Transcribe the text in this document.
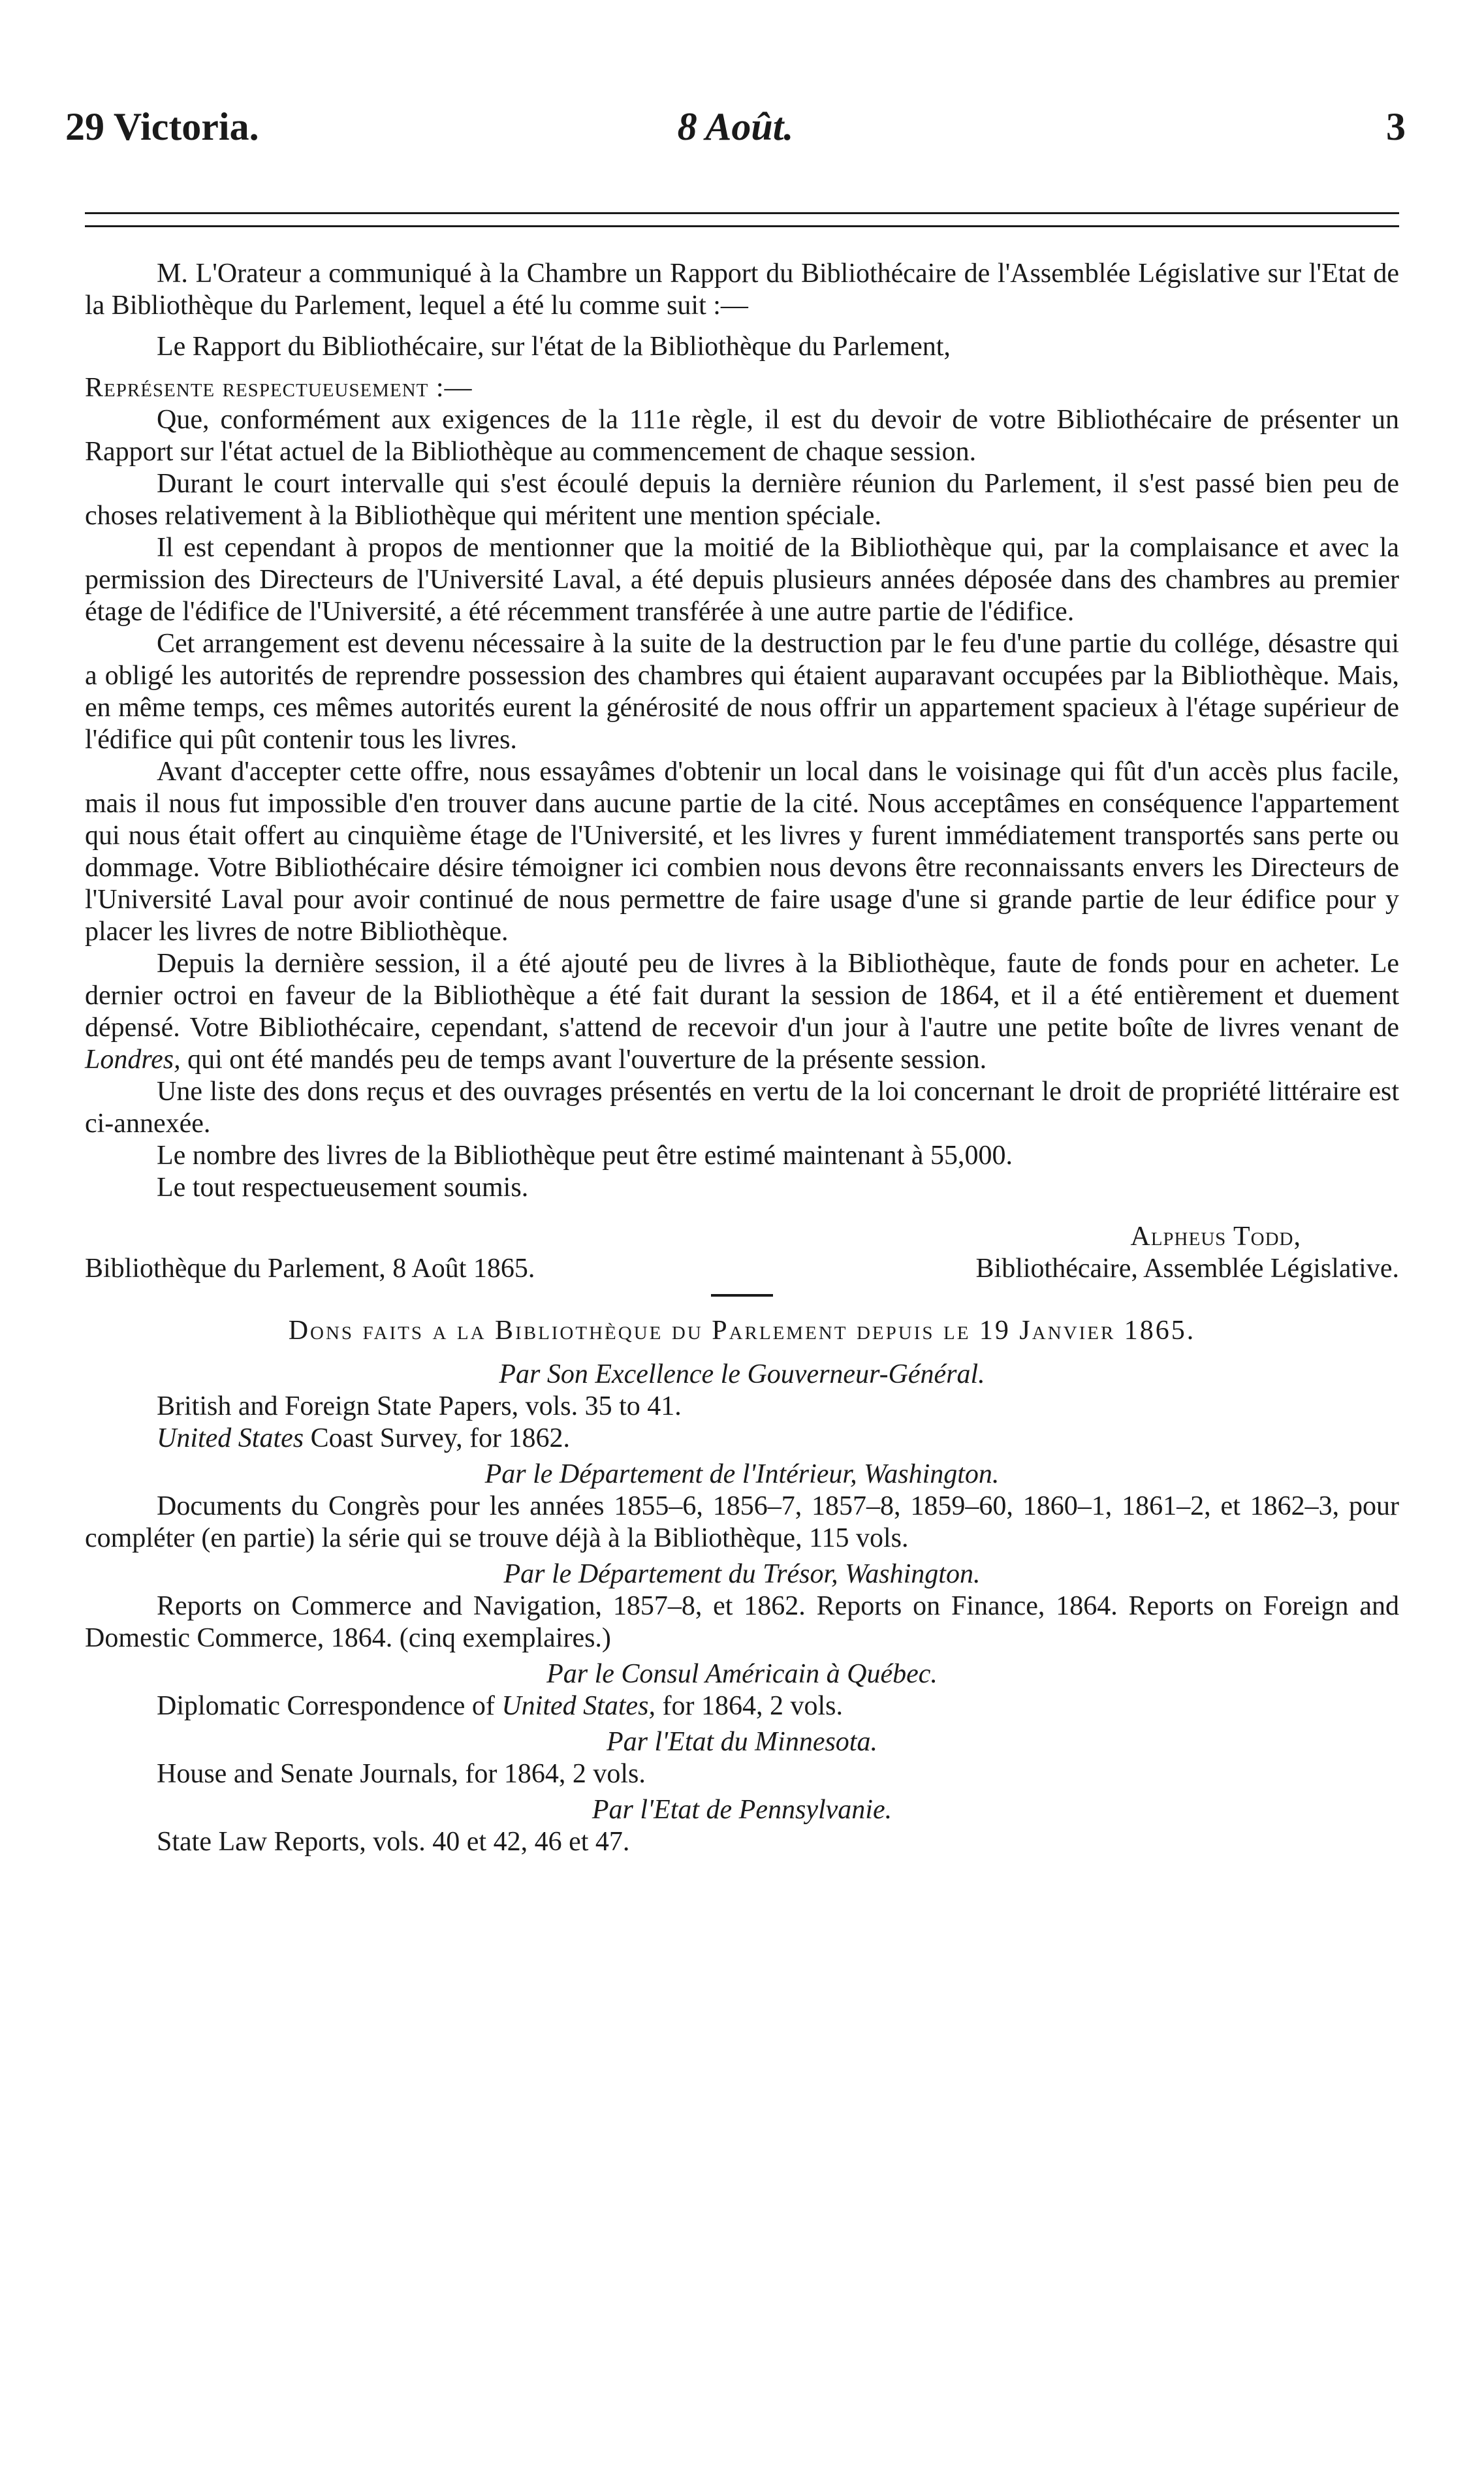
29 Victoria.	8 Août.	3

M. L'Orateur a communiqué à la Chambre un Rapport du Bibliothécaire de l'Assemblée Législative sur l'Etat de la Bibliothèque du Parlement, lequel a été lu comme suit :—

Le Rapport du Bibliothécaire, sur l'état de la Bibliothèque du Parlement,

Représente respectueusement :—

Que, conformément aux exigences de la 111e règle, il est du devoir de votre Bibliothécaire de présenter un Rapport sur l'état actuel de la Bibliothèque au commencement de chaque session.

Durant le court intervalle qui s'est écoulé depuis la dernière réunion du Parlement, il s'est passé bien peu de choses relativement à la Bibliothèque qui méritent une mention spéciale.

Il est cependant à propos de mentionner que la moitié de la Bibliothèque qui, par la complaisance et avec la permission des Directeurs de l'Université Laval, a été depuis plusieurs années déposée dans des chambres au premier étage de l'édifice de l'Université, a été récemment transférée à une autre partie de l'édifice.

Cet arrangement est devenu nécessaire à la suite de la destruction par le feu d'une partie du collége, désastre qui a obligé les autorités de reprendre possession des chambres qui étaient auparavant occupées par la Bibliothèque. Mais, en même temps, ces mêmes autorités eurent la générosité de nous offrir un appartement spacieux à l'étage supérieur de l'édifice qui pût contenir tous les livres.

Avant d'accepter cette offre, nous essayâmes d'obtenir un local dans le voisinage qui fût d'un accès plus facile, mais il nous fut impossible d'en trouver dans aucune partie de la cité. Nous acceptâmes en conséquence l'appartement qui nous était offert au cinquième étage de l'Université, et les livres y furent immédiatement transportés sans perte ou dommage. Votre Bibliothécaire désire témoigner ici combien nous devons être reconnaissants envers les Directeurs de l'Université Laval pour avoir continué de nous permettre de faire usage d'une si grande partie de leur édifice pour y placer les livres de notre Bibliothèque.

Depuis la dernière session, il a été ajouté peu de livres à la Bibliothèque, faute de fonds pour en acheter. Le dernier octroi en faveur de la Bibliothèque a été fait durant la session de 1864, et il a été entièrement et duement dépensé. Votre Bibliothécaire, cependant, s'attend de recevoir d'un jour à l'autre une petite boîte de livres venant de Londres, qui ont été mandés peu de temps avant l'ouverture de la présente session.

Une liste des dons reçus et des ouvrages présentés en vertu de la loi concernant le droit de propriété littéraire est ci-annexée.

Le nombre des livres de la Bibliothèque peut être estimé maintenant à 55,000.

Le tout respectueusement soumis.

Alpheus Todd,

Bibliothèque du Parlement, 8 Août 1865.	Bibliothécaire, Assemblée Législative.

Dons faits a la Bibliothèque du Parlement depuis le 19 Janvier 1865.

Par Son Excellence le Gouverneur-Général.

British and Foreign State Papers, vols. 35 to 41.

United States Coast Survey, for 1862.

Par le Département de l'Intérieur, Washington.

Documents du Congrès pour les années 1855–6, 1856–7, 1857–8, 1859–60, 1860–1, 1861–2, et 1862–3, pour compléter (en partie) la série qui se trouve déjà à la Bibliothèque, 115 vols.

Par le Département du Trésor, Washington.

Reports on Commerce and Navigation, 1857–8, et 1862. Reports on Finance, 1864. Reports on Foreign and Domestic Commerce, 1864. (cinq exemplaires.)

Par le Consul Américain à Québec.

Diplomatic Correspondence of United States, for 1864, 2 vols.

Par l'Etat du Minnesota.

House and Senate Journals, for 1864, 2 vols.

Par l'Etat de Pennsylvanie.

State Law Reports, vols. 40 et 42, 46 et 47.
